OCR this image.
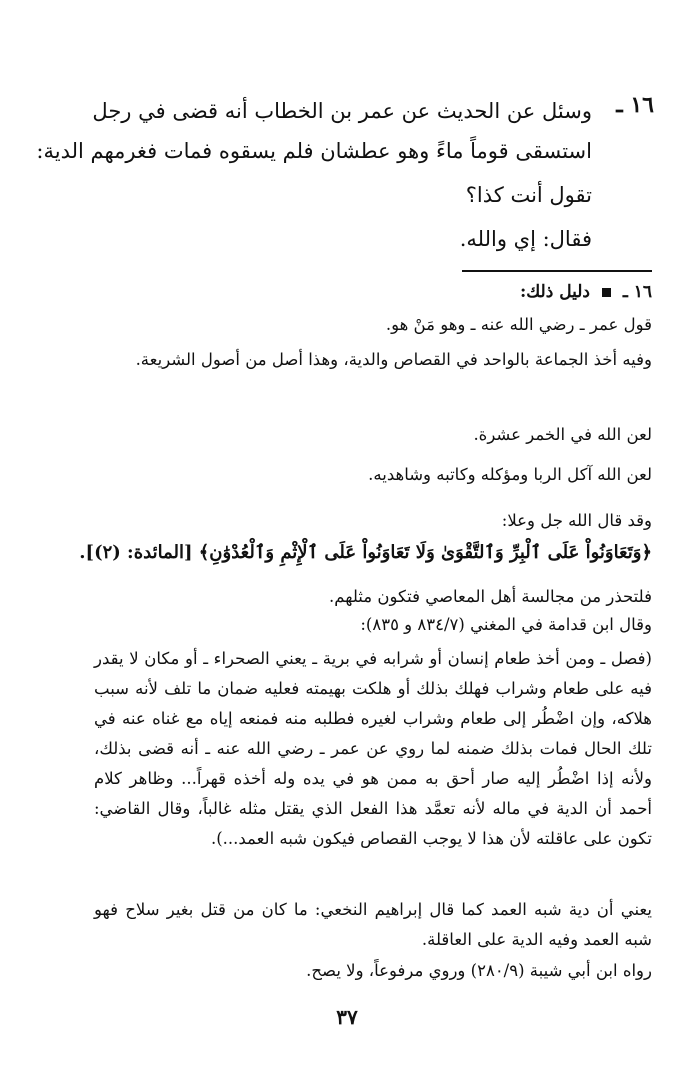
١٦ ـ
وسئل عن الحديث عن عمر بن الخطاب أنه قضى في رجل
استسقى قوماً ماءً وهو عطشان فلم يسقوه فمات فغرمهم الدية:
تقول أنت كذا؟
فقال: إي والله.
١٦ ـ  دليل ذلك:
قول عمر ـ رضي الله عنه ـ وهو مَنْ هو.
وفيه أخذ الجماعة بالواحد في القصاص والدية، وهذا أصل من أصول الشريعة.
لعن الله في الخمر عشرة.
لعن الله آكل الربا ومؤكله وكاتبه وشاهديه.
وقد قال الله جل وعلا:
﴿وَتَعَاوَنُواْ عَلَى ٱلْبِرِّ وَٱلتَّقْوَىٰ وَلَا تَعَاوَنُواْ عَلَى ٱلْإِثْمِ وَٱلْعُدْوَٰنِ﴾ [المائدة: (٢)].
فلتحذر من مجالسة أهل المعاصي فتكون مثلهم.
وقال ابن قدامة في المغني (٨٣٤/٧ و ٨٣٥):
(فصل ـ ومن أخذ طعام إنسان أو شرابه في برية ـ يعني الصحراء ـ أو مكان لا يقدر فيه على طعام وشراب فهلك بذلك أو هلكت بهيمته فعليه ضمان ما تلف لأنه سبب هلاكه، وإن اضْطُر إلى طعام وشراب لغيره فطلبه منه فمنعه إياه مع غناه عنه في تلك الحال فمات بذلك ضمنه لما روي عن عمر ـ رضي الله عنه ـ أنه قضى بذلك، ولأنه إذا اضْطُر إليه صار أحق به ممن هو في يده وله أخذه قهراً... وظاهر كلام أحمد أن الدية في ماله لأنه تعمَّد هذا الفعل الذي يقتل مثله غالباً، وقال القاضي: تكون على عاقلته لأن هذا لا يوجب القصاص فيكون شبه العمد...).
يعني أن دية شبه العمد كما قال إبراهيم النخعي: ما كان من قتل بغير سلاح فهو شبه العمد وفيه الدية على العاقلة.
رواه ابن أبي شيبة (٢٨٠/٩) وروي مرفوعاً، ولا يصح.
٣٧
